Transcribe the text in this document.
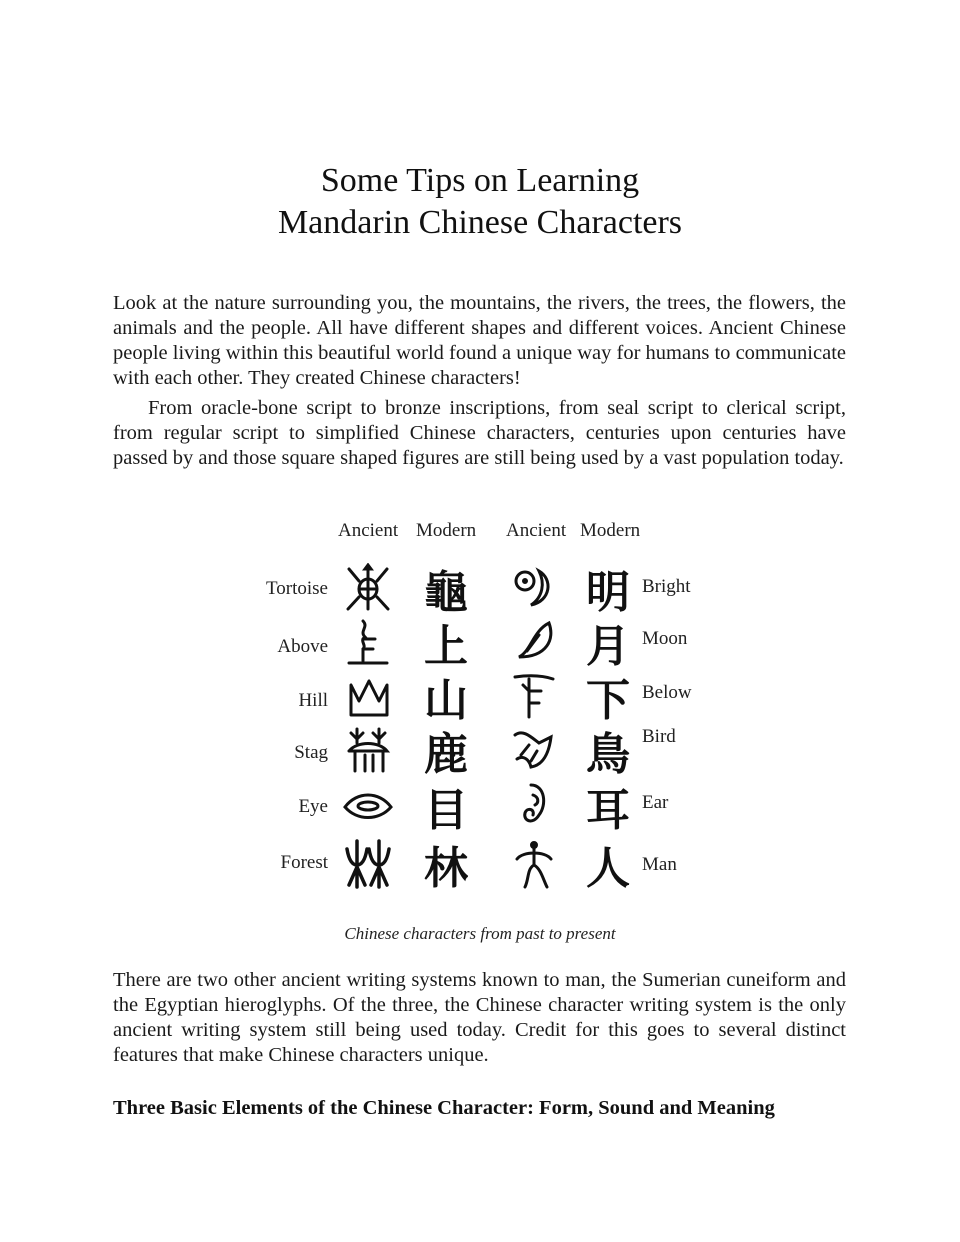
Some Tips on Learning
Mandarin Chinese Characters

Look at the nature surrounding you, the mountains, the rivers, the trees, the flowers, the animals and the people. All have different shapes and different voices. Ancient Chinese people living within this beautiful world found a unique way for humans to communicate with each other. They created Chinese characters!

From oracle-bone script to bronze inscriptions, from seal script to clerical script, from regular script to simplified Chinese characters, centuries upon centuries have passed by and those square shaped figures are still being used by a vast population today.

Ancient Modern Ancient Modern
Tortoise 龜	明 Bright
Above 上	月 Moon
Hill 山	下 Below
Stag 鹿	鳥 Bird
Eye 目	耳 Ear
Forest 林	人 Man
Chinese characters from past to present

There are two other ancient writing systems known to man, the Sumerian cuneiform and the Egyptian hieroglyphs. Of the three, the Chinese character writing system is the only ancient writing system still being used today. Credit for this goes to several distinct features that make Chinese characters unique.

Three Basic Elements of the Chinese Character: Form, Sound and Meaning
